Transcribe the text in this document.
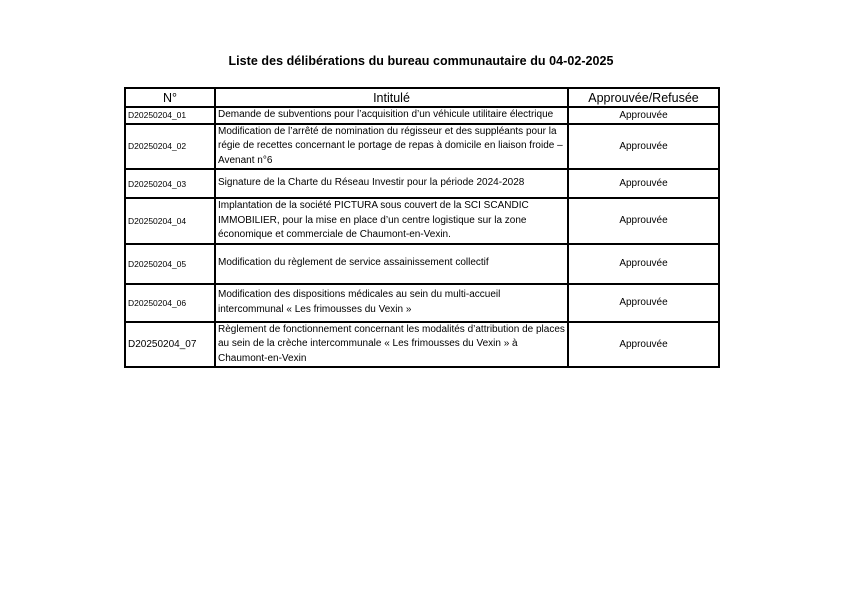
Liste des délibérations du bureau communautaire du 04-02-2025
N°	Intitulé	Approuvée/Refusée
D20250204_01	Demande de subventions pour l’acquisition d’un véhicule utilitaire électrique	Approuvée
D20250204_02	Modification de l’arrêté de nomination du régisseur et des suppléants pour la régie de recettes concernant le portage de repas à domicile en liaison froide – Avenant n°6	Approuvée
D20250204_03	Signature de la Charte du Réseau Investir pour la période 2024-2028	Approuvée
D20250204_04	Implantation de la société PICTURA sous couvert de la SCI SCANDIC IMMOBILIER, pour la mise en place d’un centre logistique sur la zone économique et commerciale de Chaumont-en-Vexin.	Approuvée
D20250204_05	Modification du règlement de service assainissement collectif	Approuvée
D20250204_06	Modification des dispositions médicales au sein du multi-accueil intercommunal « Les frimousses du Vexin »	Approuvée
D20250204_07	Règlement de fonctionnement concernant les modalités d’attribution de places au sein de la crèche intercommunale « Les frimousses du Vexin » à Chaumont-en-Vexin	Approuvée
